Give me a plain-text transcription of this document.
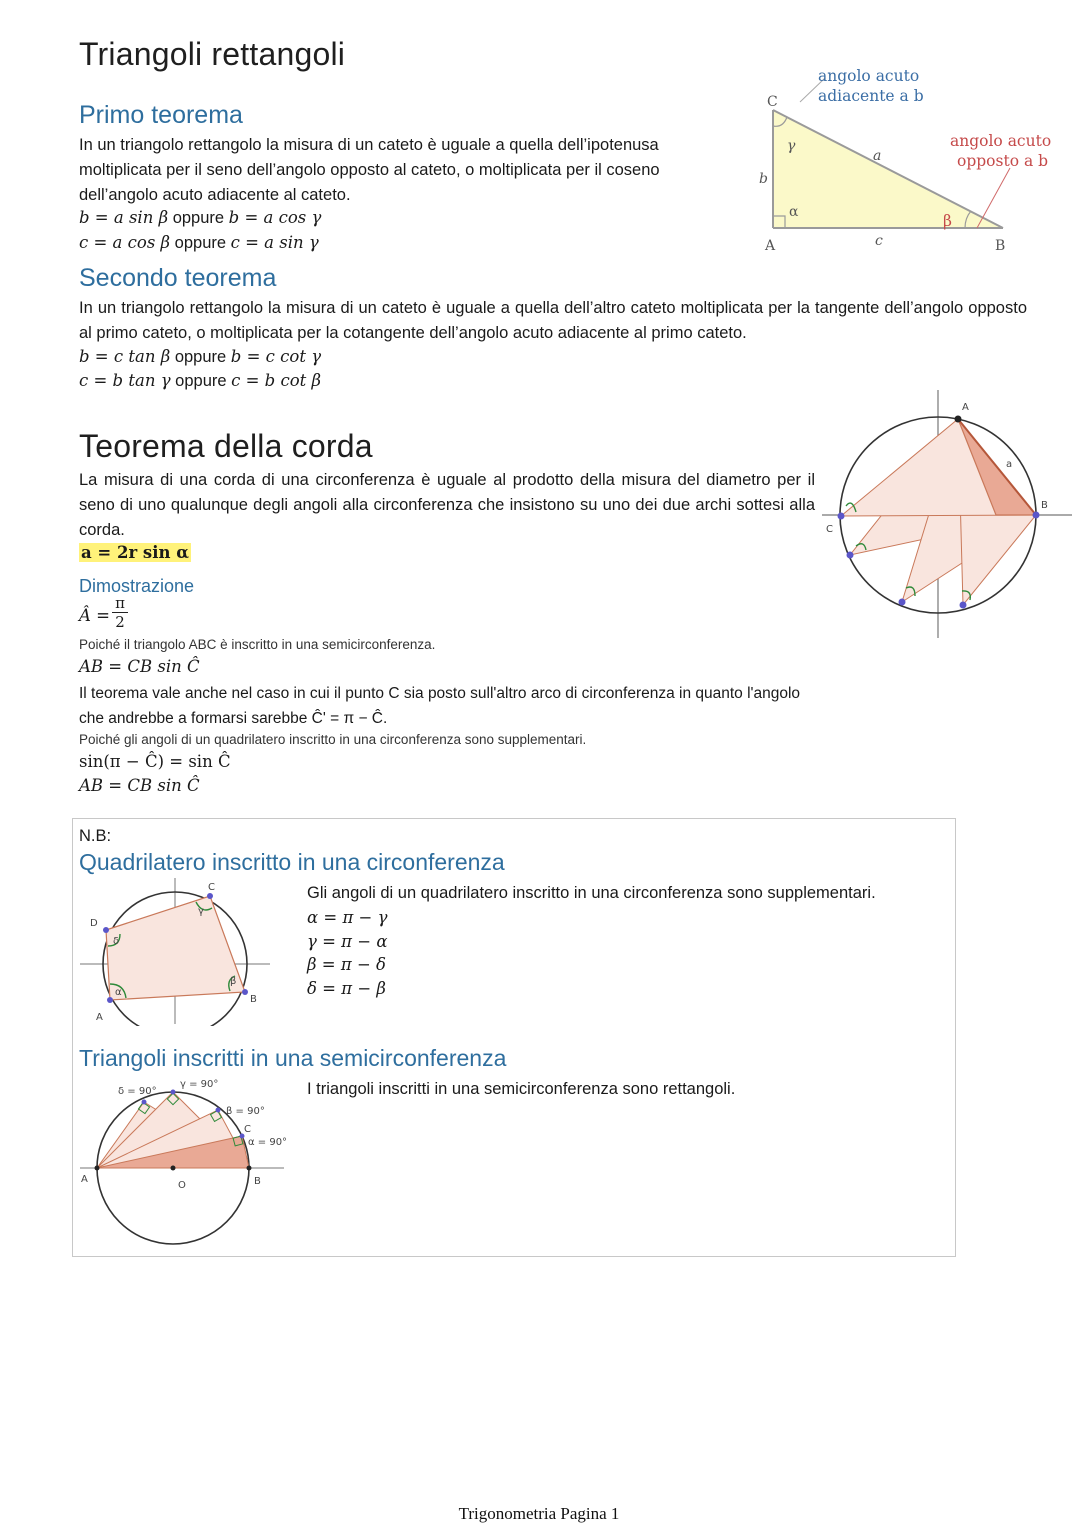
Triangoli rettangoli
Primo teorema
In un triangolo rettangolo la misura di un cateto è uguale a quella dell’ipotenusa moltiplicata per il seno dell’angolo opposto al cateto, o moltiplicata per il coseno dell’angolo acuto adiacente al cateto.
b = a sin β oppure b = a cos γ
c = a cos β oppure c = a sin γ
angolo acuto
adiacente a b
angolo acuto
opposto a b
C
A	B
a
b
c
γ
α	β
Secondo teorema
In un triangolo rettangolo la misura di un cateto è uguale a quella dell’altro cateto moltiplicata per la tangente dell’angolo opposto al primo cateto, o moltiplicata per la cotangente dell’angolo acuto adiacente al primo cateto.
b = c tan β oppure b = c cot γ
c = b tan γ oppure c = b cot β
Teorema della corda
La misura di una corda di una circonferenza è uguale al prodotto della misura del diametro per il seno di uno qualunque degli angoli alla circonferenza che insistono su uno dei due archi sottesi alla corda.
a = 2r sin α
Dimostrazione
Â = $\frac{\pi}{2}$
Poiché il triangolo ABC è inscritto in una semicirconferenza.
AB = CB sin Ĉ
Il teorema vale anche nel caso in cui il punto C sia posto sull'altro arco di circonferenza in quanto l'angolo che andrebbe a formarsi sarebbe Ĉ' = π − Ĉ.
Poiché gli angoli di un quadrilatero inscritto in una circonferenza sono supplementari.
sin(π − Ĉ) = sin Ĉ
AB = CB sin Ĉ
A
B
C
a
N.B:
Quadrilatero inscritto in una circonferenza
Gli angoli di un quadrilatero inscritto in una circonferenza sono supplementari.
α = π − γ
γ = π − α
β = π − δ
δ = π − β
D
C
B
A
δ
γ
β
α
Triangoli inscritti in una semicirconferenza
I triangoli inscritti in una semicirconferenza sono rettangoli.
A	B
O
C
δ = 90°
γ = 90°
β = 90°
α = 90°
Trigonometria Pagina 1
